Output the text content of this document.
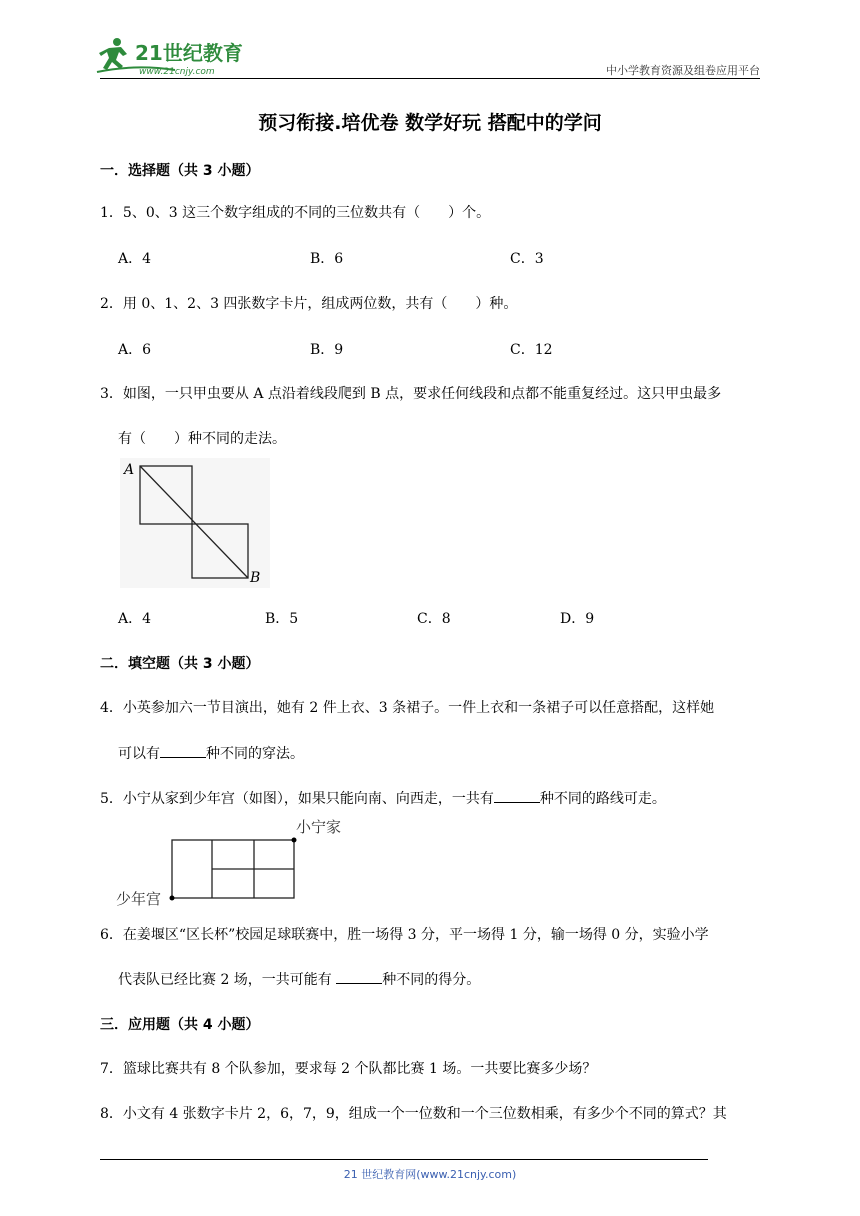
21世纪教育
www.21cnjy.com	中小学教育资源及组卷应用平台
预习衔接.培优卷 数学好玩 搭配中的学问
一．选择题（共 3 小题）
1．5、0、3 这三个数字组成的不同的三位数共有（　　）个。
A．4	B．6	C．3
2．用 0、1、2、3 四张数字卡片，组成两位数，共有（　　）种。
A．6	B．9	C．12
3．如图，一只甲虫要从 A 点沿着线段爬到 B 点，要求任何线段和点都不能重复经过。这只甲虫最多
有（　　）种不同的走法。
A
B
A．4	B．5	C．8	D．9
二．填空题（共 3 小题）
4．小英参加六一节目演出，她有 2 件上衣、3 条裙子。一件上衣和一条裙子可以任意搭配，这样她
可以有	种不同的穿法。
5．小宁从家到少年宫（如图），如果只能向南、向西走，一共有	种不同的路线可走。
小宁家
少年宫
6．在姜堰区“区长杯”校园足球联赛中，胜一场得 3 分，平一场得 1 分，输一场得 0 分，实验小学
代表队已经比赛 2 场，一共可能有	种不同的得分。
三．应用题（共 4 小题）
7．篮球比赛共有 8 个队参加，要求每 2 个队都比赛 1 场。一共要比赛多少场？
8．小文有 4 张数字卡片 2，6，7，9，组成一个一位数和一个三位数相乘，有多少个不同的算式？其
21 世纪教育网(www.21cnjy.com)
